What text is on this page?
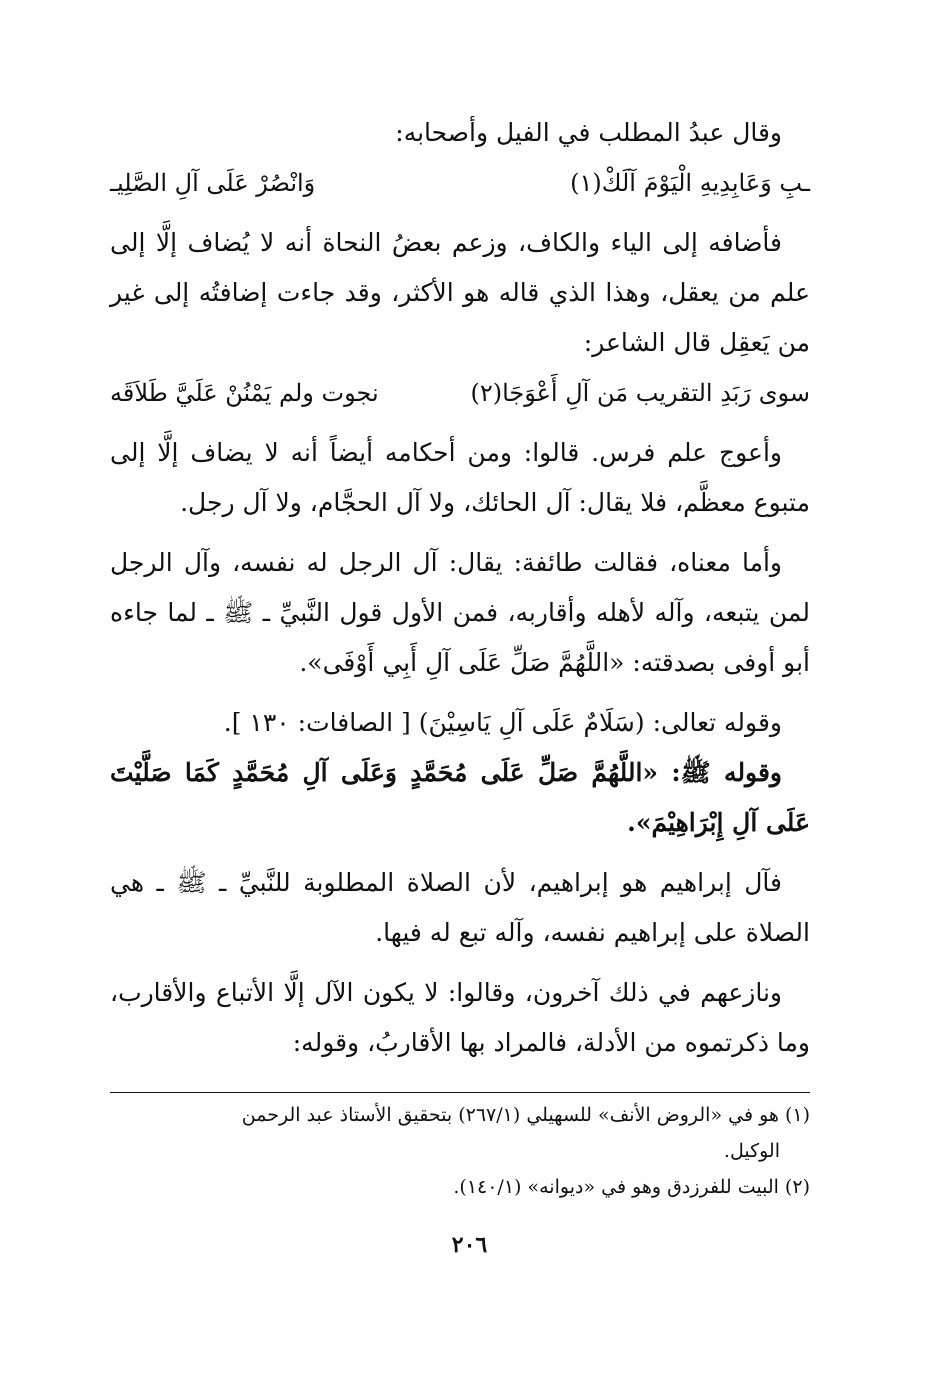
وقال عبدُ المطلب في الفيل وأصحابه:

وَانْصُرْ عَلَى آلِ الصَّلِيـ	ـبِ وَعَابِدِيهِ الْيَوْمَ آلَكْ(١)

فأضافه إلى الياء والكاف، وزعم بعضُ النحاة أنه لا يُضاف إلَّا إلى علم من يعقل، وهذا الذي قاله هو الأكثر، وقد جاءت إضافتُه إلى غير من يَعقِل قال الشاعر:

نجوت ولم يَمْنُنْ عَلَيَّ طَلاَقَه	سوى رَبَدِ التقريب مَن آلِ أَعْوَجَا(٢)

وأعوج علم فرس. قالوا: ومن أحكامه أيضاً أنه لا يضاف إلَّا إلى متبوع معظَّم، فلا يقال: آل الحائك، ولا آل الحجَّام، ولا آل رجل.

وأما معناه، فقالت طائفة: يقال: آل الرجل له نفسه، وآل الرجل لمن يتبعه، وآله لأهله وأقاربه، فمن الأول قول النَّبيِّ ـ ﷺ ـ لما جاءه أبو أوفى بصدقته: «اللَّهُمَّ صَلِّ عَلَى آلِ أَبِي أَوْفَى».

وقوله تعالى: (سَلَامٌ عَلَى آلِ يَاسِيْنَ) [ الصافات: ١٣٠ ].

وقوله ﷺ: «اللَّهُمَّ صَلِّ عَلَى مُحَمَّدٍ وَعَلَى آلِ مُحَمَّدٍ كَمَا صَلَّيْتَ عَلَى آلِ إِبْرَاهِيْمَ».

فآل إبراهيم هو إبراهيم، لأن الصلاة المطلوبة للنَّبيِّ ـ ﷺ ـ هي الصلاة على إبراهيم نفسه، وآله تبع له فيها.

ونازعهم في ذلك آخرون، وقالوا: لا يكون الآل إلَّا الأتباع والأقارب، وما ذكرتموه من الأدلة، فالمراد بها الأقاربُ، وقوله:

(١) هو في «الروض الأنف» للسهيلي (٢٦٧/١) بتحقيق الأستاذ عبد الرحمن

الوكيل.

(٢) البيت للفرزدق وهو في «ديوانه» (١٤٠/١).

٢٠٦
